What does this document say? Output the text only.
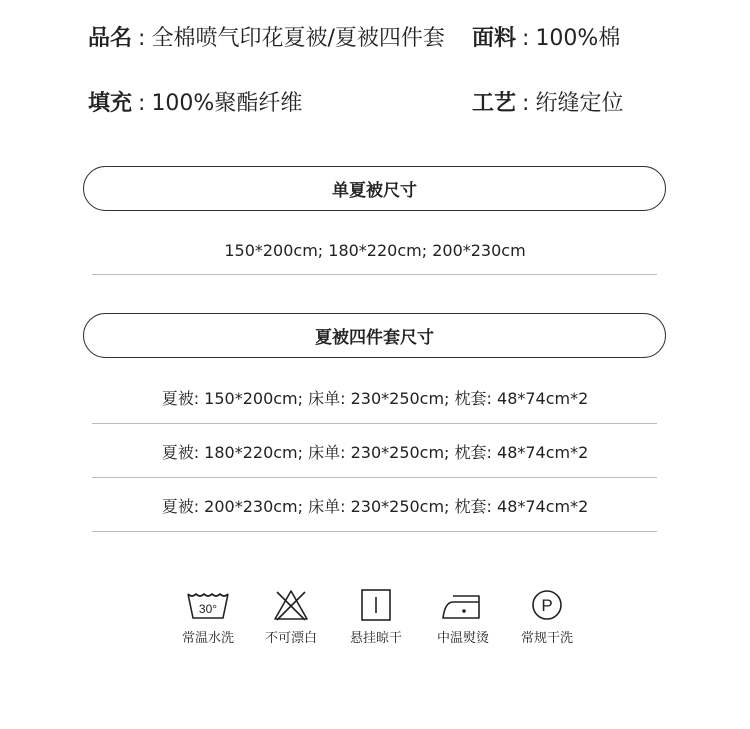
品名 : 全棉喷气印花夏被/夏被四件套 面料 : 100%棉
填充 : 100%聚酯纤维	工艺 : 绗缝定位
单夏被尺寸
150*200cm; 180*220cm; 200*230cm
夏被四件套尺寸
夏被: 150*200cm; 床单: 230*250cm; 枕套: 48*74cm*2
夏被: 180*220cm; 床单: 230*250cm; 枕套: 48*74cm*2
夏被: 200*230cm; 床单: 230*250cm; 枕套: 48*74cm*2
30°
常温水洗	不可漂白	悬挂晾干	中温熨烫
P
常规干洗
